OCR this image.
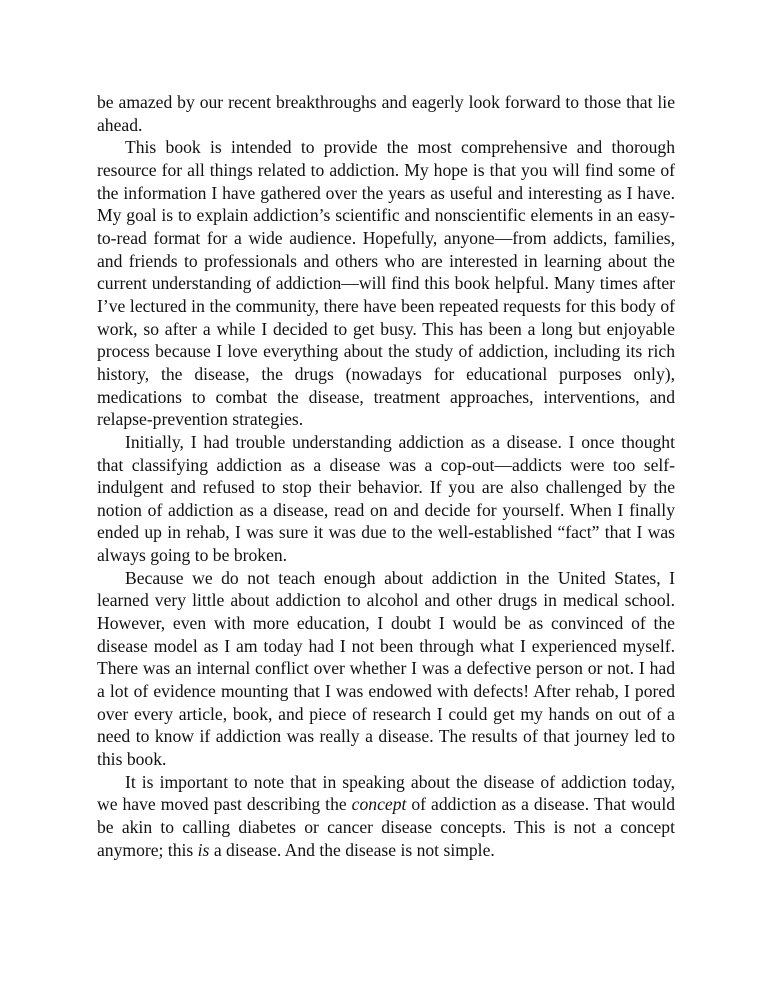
be amazed by our recent breakthroughs and eagerly look forward to those that lie ahead.

This book is intended to provide the most comprehensive and thorough resource for all things related to addiction. My hope is that you will find some of the information I have gathered over the years as useful and interesting as I have. My goal is to explain addiction’s scientific and nonscientific elements in an easy-to-read format for a wide audience. Hopefully, anyone—from addicts, families, and friends to professionals and others who are interested in learning about the current understanding of addiction—will find this book helpful. Many times after I’ve lectured in the community, there have been repeated requests for this body of work, so after a while I decided to get busy. This has been a long but enjoyable process because I love everything about the study of addiction, including its rich history, the disease, the drugs (nowadays for educational purposes only), medications to combat the disease, treatment approaches, interventions, and relapse-prevention strategies.

Initially, I had trouble understanding addiction as a disease. I once thought that classifying addiction as a disease was a cop-out—addicts were too self-indulgent and refused to stop their behavior. If you are also challenged by the notion of addiction as a disease, read on and decide for yourself. When I finally ended up in rehab, I was sure it was due to the well-established “fact” that I was always going to be broken.

Because we do not teach enough about addiction in the United States, I learned very little about addiction to alcohol and other drugs in medical school. However, even with more education, I doubt I would be as convinced of the disease model as I am today had I not been through what I experienced myself. There was an internal conflict over whether I was a defective person or not. I had a lot of evidence mounting that I was endowed with defects! After rehab, I pored over every article, book, and piece of research I could get my hands on out of a need to know if addiction was really a disease. The results of that journey led to this book.

It is important to note that in speaking about the disease of addiction today, we have moved past describing the concept of addiction as a disease. That would be akin to calling diabetes or cancer disease concepts. This is not a concept anymore; this is a disease. And the disease is not simple.
